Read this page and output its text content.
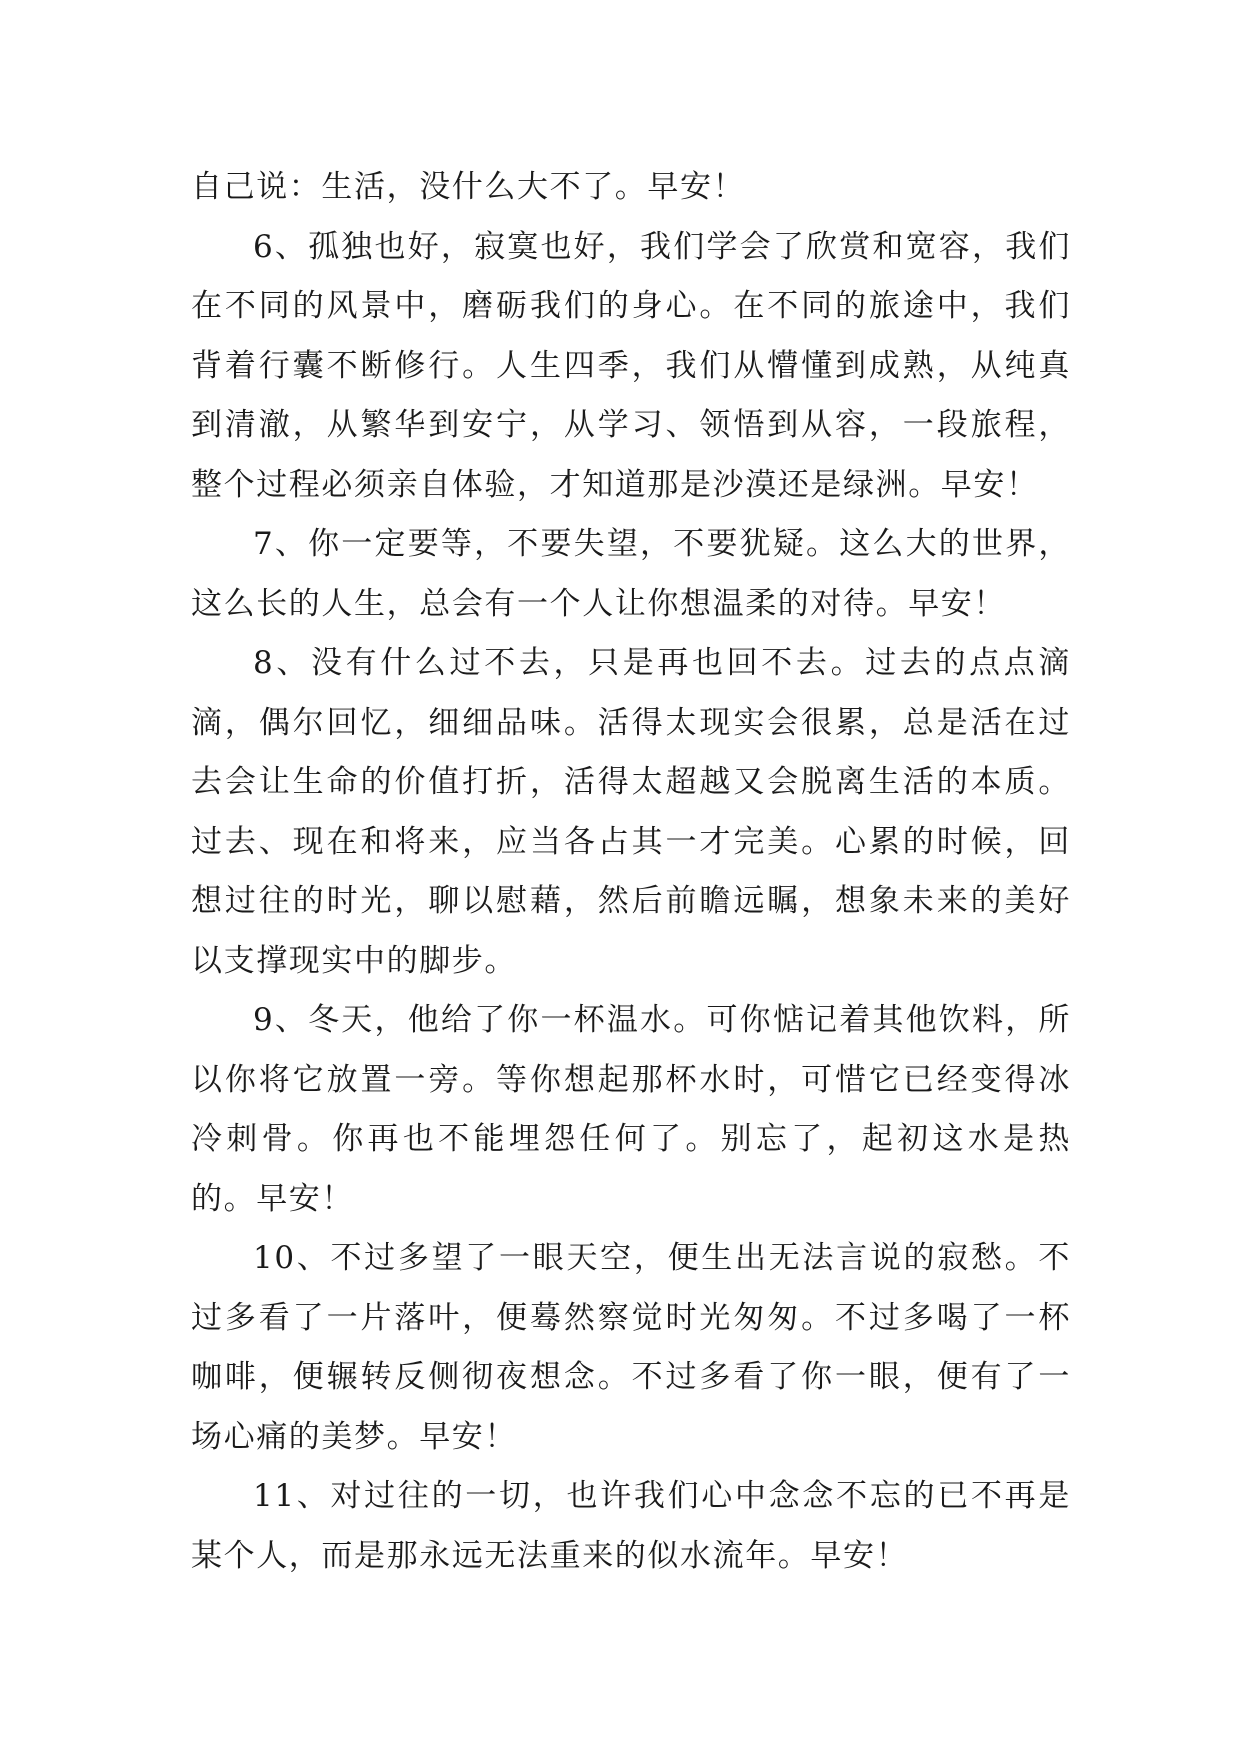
自己说：生活，没什么大不了。早安！

6、孤独也好，寂寞也好，我们学会了欣赏和宽容，我们在不同的风景中，磨砺我们的身心。在不同的旅途中，我们背着行囊不断修行。人生四季，我们从懵懂到成熟，从纯真到清澈，从繁华到安宁，从学习、领悟到从容，一段旅程，整个过程必须亲自体验，才知道那是沙漠还是绿洲。早安！

7、你一定要等，不要失望，不要犹疑。这么大的世界，这么长的人生，总会有一个人让你想温柔的对待。早安！

8、没有什么过不去，只是再也回不去。过去的点点滴滴，偶尔回忆，细细品味。活得太现实会很累，总是活在过去会让生命的价值打折，活得太超越又会脱离生活的本质。过去、现在和将来，应当各占其一才完美。心累的时候，回想过往的时光，聊以慰藉，然后前瞻远瞩，想象未来的美好以支撑现实中的脚步。

9、冬天，他给了你一杯温水。可你惦记着其他饮料，所以你将它放置一旁。等你想起那杯水时，可惜它已经变得冰冷刺骨。你再也不能埋怨任何了。别忘了，起初这水是热的。早安！

10、不过多望了一眼天空，便生出无法言说的寂愁。不过多看了一片落叶，便蓦然察觉时光匆匆。不过多喝了一杯咖啡，便辗转反侧彻夜想念。不过多看了你一眼，便有了一场心痛的美梦。早安！

11、对过往的一切，也许我们心中念念不忘的已不再是某个人，而是那永远无法重来的似水流年。早安！
